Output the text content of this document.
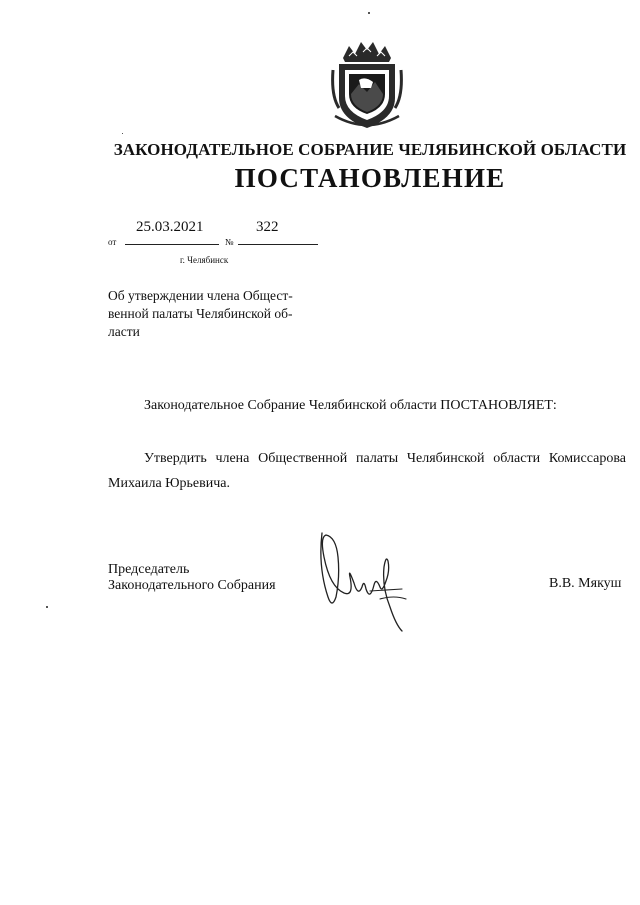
ЗАКОНОДАТЕЛЬНОЕ СОБРАНИЕ ЧЕЛЯБИНСКОЙ ОБЛАСТИ
ПОСТАНОВЛЕНИЕ
25.03.2021	322
от	№
г. Челябинск
Об утверждении члена Общест-
венной палаты Челябинской об-
ласти
Законодательное Собрание Челябинской области ПОСТАНОВЛЯЕТ:
Утвердить члена Общественной палаты Челябинской области Комиссарова
Михаила Юрьевича.
Председатель
Законодательного Собрания	В.В. Мякуш
